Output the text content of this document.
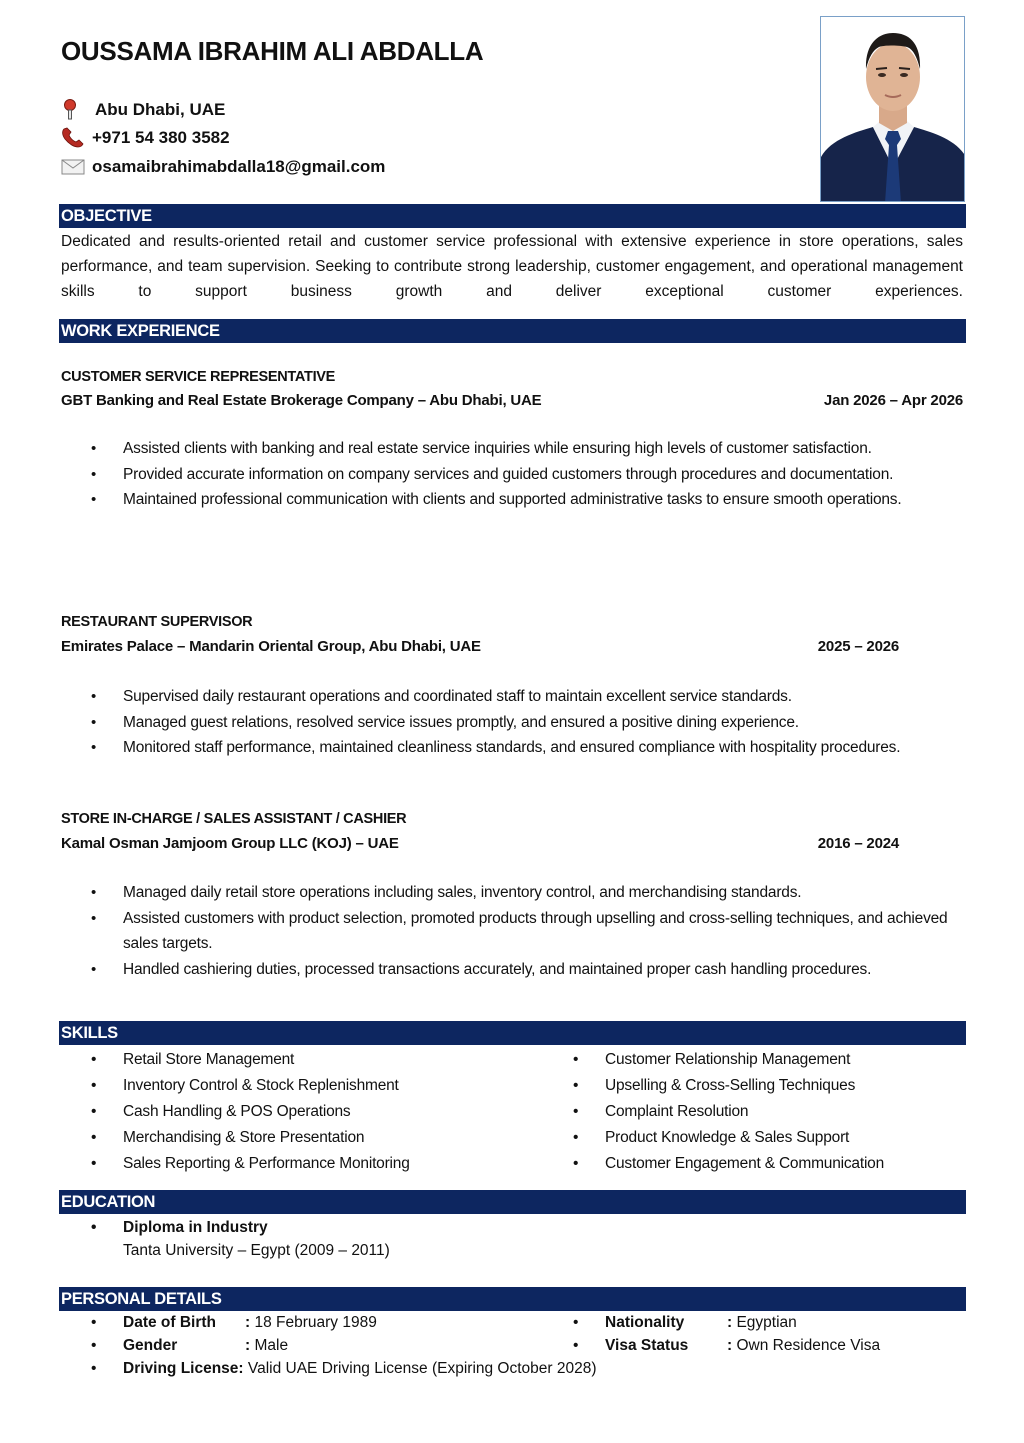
OUSSAMA IBRAHIM ALI ABDALLA
Abu Dhabi, UAE
+971 54 380 3582
osamaibrahimabdalla18@gmail.com
OBJECTIVE
Dedicated and results-oriented retail and customer service professional with extensive experience in store operations, sales performance, and team supervision. Seeking to contribute strong leadership, customer engagement, and operational management skills to support business growth and deliver exceptional customer experiences.
WORK EXPERIENCE
CUSTOMER SERVICE REPRESENTATIVE
GBT Banking and Real Estate Brokerage Company – Abu Dhabi, UAE	Jan 2026 – Apr 2026
• Assisted clients with banking and real estate service inquiries while ensuring high levels of customer satisfaction.
• Provided accurate information on company services and guided customers through procedures and documentation.
• Maintained professional communication with clients and supported administrative tasks to ensure smooth operations.
RESTAURANT SUPERVISOR
Emirates Palace – Mandarin Oriental Group, Abu Dhabi, UAE	2025 – 2026
• Supervised daily restaurant operations and coordinated staff to maintain excellent service standards.
• Managed guest relations, resolved service issues promptly, and ensured a positive dining experience.
• Monitored staff performance, maintained cleanliness standards, and ensured compliance with hospitality procedures.
STORE IN-CHARGE / SALES ASSISTANT / CASHIER
Kamal Osman Jamjoom Group LLC (KOJ) – UAE	2016 – 2024
• Managed daily retail store operations including sales, inventory control, and merchandising standards.
• Assisted customers with product selection, promoted products through upselling and cross-selling techniques, and achieved sales targets.
• Handled cashiering duties, processed transactions accurately, and maintained proper cash handling procedures.
SKILLS
• Retail Store Management	• Customer Relationship Management
• Inventory Control & Stock Replenishment	• Upselling & Cross-Selling Techniques
• Cash Handling & POS Operations	• Complaint Resolution
• Merchandising & Store Presentation	• Product Knowledge & Sales Support
• Sales Reporting & Performance Monitoring	• Customer Engagement & Communication
EDUCATION
• Diploma in Industry
Tanta University – Egypt (2009 – 2011)
PERSONAL DETAILS
• Date of Birth	: 18 February 1989	• Nationality	: Egyptian
• Gender	: Male	• Visa Status	: Own Residence Visa
• Driving License: Valid UAE Driving License (Expiring October 2028)
